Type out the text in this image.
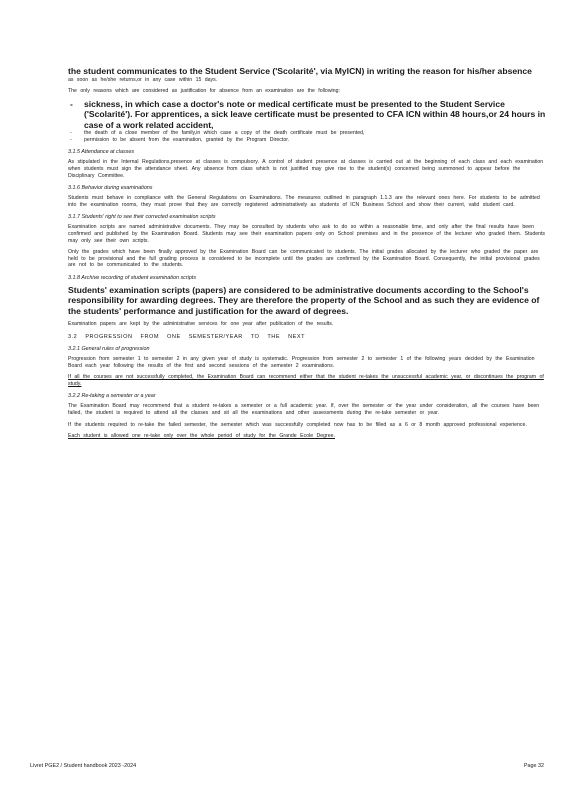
the student communicates to the Student Service ('Scolarité', via MyICN) in writing the reason for his/her absence
as soon as he/she returns,or in any case within 15 days.
The only reasons which are considered as justification for absence from an examination are the following:
- sickness, in which case a doctor's note or medical certificate must be presented to the Student Service ('Scolarité'). For apprentices, a sick leave certificate must be presented to CFA ICN within 48 hours,or 24 hours in case of a work related accident,
- the death of a close member of the family,in which case a copy of the death certificate must be presented,
- permission to be absent from the examination, granted by the Program Director.
3.1.5 Attendance at classes
As stipulated in the Internal Regulations,presence at classes is compulsory. A control of student presence at classes is carried out at the beginning of each class and each examination when students must sign the attendance sheet. Any absence from class which is not justified may give rise to the student(s) concerned being summoned to appear before the Disciplinary Committee.
3.1.6 Behavior during examinations
Students must behave in compliance with the General Regulations on Examinations. The measures outlined in paragraph 1.1.3 are the relevant ones here. For students to be admitted into the examination rooms, they must prove that they are correctly registered administratively as students of ICN Business School and show their current, valid student card.
3.1.7 Students' right to see their corrected examination scripts
Examination scripts are named administrative documents. They may be consulted by students who ask to do so within a reasonable time, and only after the final results have been confirmed and published by the Examination Board. Students may see their examination papers only on School premises and in the presence of the lecturer who graded them. Students may only see their own scripts.
Only the grades which have been finally approved by the Examination Board can be communicated to students. The initial grades allocated by the lecturer who graded the paper are held to be provisional and the full grading process is considered to be incomplete until the grades are confirmed by the Examination Board. Consequently, the initial provisional grades are not to be communicated to the students.
3.1.8 Archive recording of student examination scripts
Students' examination scripts (papers) are considered to be administrative documents according to the School's responsibility for awarding degrees. They are therefore the property of the School and as such they are evidence of the students' performance and justification for the award of degrees.
Examination papers are kept by the administrative services for one year after publication of the results.
3.2 PROGRESSION FROM ONE SEMESTER/YEAR TO THE NEXT
3.2.1 General rules of progression
Progression from semester 1 to semester 2 in any given year of study is systematic. Progression from semester 2 to semester 1 of the following years decided by the Examination Board each year following the results of the first and second sessions of the semester 2 examinations.
If all the courses are not successfully completed, the Examination Board can recommend either that the student re-takes the unsuccessful academic year, or discontinues the program of study.
3.2.2 Re-taking a semester or a year
The Examination Board may recommend that a student re-takes a semester or a full academic year. If, over the semester or the year under consideration, all the courses have been failed, the student is required to attend all the classes and sit all the examinations and other assessments during the re-take semester or year.
If the students required to re-take the failed semester, the semester which was successfully completed now has to be filled as a 6 or 8 month approved professional experience.
Each student is allowed one re-take only over the whole period of study for the Grande Ecole Degree.
Livret PGE2 / Student handbook 2023 -2024	Page 32
